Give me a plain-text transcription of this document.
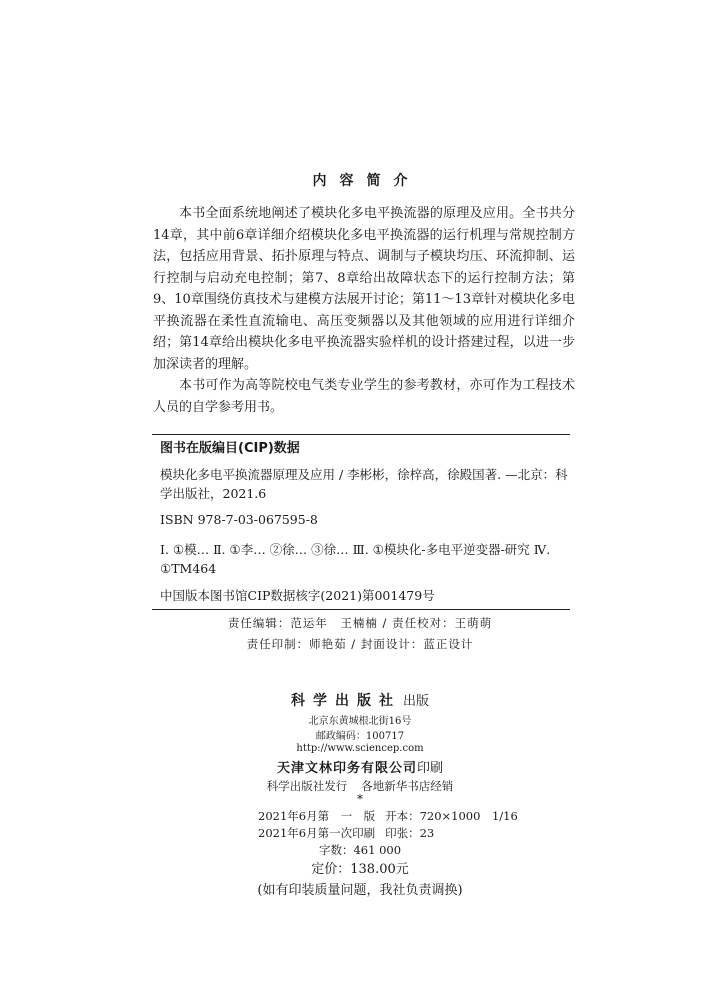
内容简介

本书全面系统地阐述了模块化多电平换流器的原理及应用。全书共分14章，其中前6章详细介绍模块化多电平换流器的运行机理与常规控制方法，包括应用背景、拓扑原理与特点、调制与子模块均压、环流抑制、运行控制与启动充电控制；第7、8章给出故障状态下的运行控制方法；第9、10章围绕仿真技术与建模方法展开讨论；第11～13章针对模块化多电平换流器在柔性直流输电、高压变频器以及其他领域的应用进行详细介绍；第14章给出模块化多电平换流器实验样机的设计搭建过程，以进一步加深读者的理解。

本书可作为高等院校电气类专业学生的参考教材，亦可作为工程技术人员的自学参考用书。

图书在版编目(CIP)数据
模块化多电平换流器原理及应用 / 李彬彬，徐梓高，徐殿国著. —北京：科学出版社，2021.6
ISBN 978-7-03-067595-8
Ⅰ. ①模… Ⅱ. ①李… ②徐… ③徐… Ⅲ. ①模块化-多电平逆变器-研究 Ⅳ. ①TM464
中国版本图书馆CIP数据核字(2021)第001479号
责任编辑：范运年　王楠楠 / 责任校对：王萌萌
责任印制：师艳茹 / 封面设计：蓝正设计
科学出版社 出版
北京东黄城根北街16号
邮政编码：100717
http://www.sciencep.com
天津文林印务有限公司印刷
科学出版社发行 各地新华书店经销
*
2021年6月第　一　版 开本：720×1000　1/16
2021年6月第一次印刷 印张：23
字数：461 000
定价：138.00元
(如有印装质量问题，我社负责调换)
